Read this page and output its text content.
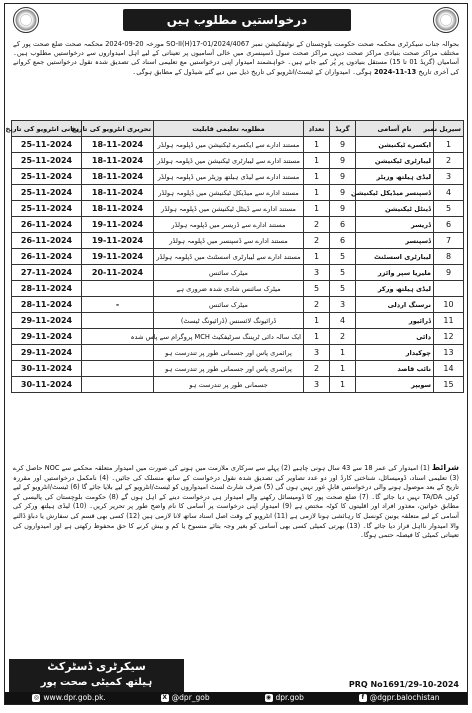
درخواستیں مطلوب ہیں
بحوالہ جناب سیکرٹری محکمہ صحت حکومت بلوچستان کے نوٹیفکیشن نمبر SO-II(H)17-01/2024/4067 مورخہ 20-09-2024 محکمہ صحت ضلع صحت پور کے مختلف مراکز صحت بنیادی مراکز صحت دیہی مراکز صحت سول ڈسپنسری میں خالی آسامیوں پر تعیناتی کے لیے اہل امیدواروں سے درخواستیں مطلوب ہیں۔ آسامیاں (گریڈ 01 تا 15) مستقل بنیادوں پر پُر کیے جانے ہیں۔ خواہشمند امیدوار اپنی درخواستیں مع تعلیمی اسناد کی تصدیق شدہ نقول درخواستیں جمع کروانے کی آخری تاریخ 13-11-2024 ہوگی۔ امیدواران کے ٹیسٹ/انٹرویو کی تاریخ ذیل میں دیے گئے شیڈول کے مطابق ہوگی۔
سیریل نمبر	نام آسامی	گریڈ	تعداد	مطلوبہ تعلیمی قابلیت	تحریری انٹرویو کی تاریخ	زبانی انٹرویو کی تاریخ
1	ایکسرے ٹیکنیشن	9	1	مستند ادارے سے ایکسرے ٹیکنیشن میں ڈپلومہ ہولڈر	18-11-2024	25-11-2024
2	لیبارٹری ٹیکنیشن	9	1	مستند ادارے سے لیبارٹری ٹیکنیشن میں ڈپلومہ ہولڈر	18-11-2024	25-11-2024
3	لیڈی ہیلتھ وزیٹر	9	1	مستند ادارے سے لیڈی ہیلتھ وزیٹر میں ڈپلومہ ہولڈر	18-11-2024	25-11-2024
4	ڈسپنسر میڈیکل ٹیکنیشن	9	1	مستند ادارے سے میڈیکل ٹیکنیشن میں ڈپلومہ ہولڈر	18-11-2024	25-11-2024
5	ڈینٹل ٹیکنیشن	9	1	مستند ادارے سے ڈینٹل ٹیکنیشن میں ڈپلومہ ہولڈر	18-11-2024	25-11-2024
6	ڈریسر	6	2	مستند ادارے سے ڈریسر میں ڈپلومہ ہولڈر	19-11-2024	26-11-2024
7	ڈسپنسر	6	2	مستند ادارے سے ڈسپنسر میں ڈپلومہ ہولڈر	19-11-2024	26-11-2024
8	لیبارٹری اسسٹنٹ	5	1	مستند ادارے سے لیبارٹری اسسٹنٹ میں ڈپلومہ ہولڈر	19-11-2024	26-11-2024
9	ملیریا سپر وائزر	5	3	میٹرک سائنس	20-11-2024	27-11-2024
	لیڈی ہیلتھ ورکر	5	5	میٹرک سائنس شادی شدہ ضروری ہے		28-11-2024
10	نرسنگ اردلی	3	2	میٹرک سائنس	-	28-11-2024
11	ڈرائیور	4	1	ڈرائیونگ لائسنس (ڈرائیونگ ٹیسٹ)		29-11-2024
12	دائی	2	1	ایک سالہ دائی ٹریننگ سرٹیفکیٹ MCH پروگرام سے پاس شدہ		29-11-2024
13	چوکیدار	1	3	پرائمری پاس اور جسمانی طور پر تندرست ہو		29-11-2024
14	نائب قاصد	1	2	پرائمری پاس اور جسمانی طور پر تندرست ہو		30-11-2024
15	سویپر	1	3	جسمانی طور پر تندرست ہو		30-11-2024
شرائط (1) امیدوار کی عمر 18 سے 43 سال ہونی چاہیے (2) پہلے سے سرکاری ملازمت میں ہونے کی صورت میں امیدوار متعلقہ محکمے سے NOC حاصل کرے (3) تعلیمی اسناد، ڈومیسائل، شناختی کارڈ اور دو عدد تصاویر کی تصدیق شدہ نقول درخواست کے ساتھ منسلک کی جائیں۔ (4) نامکمل درخواستیں اور مقررہ تاریخ کے بعد موصول ہونے والی درخواستیں قابلِ غور نہیں ہوں گی (5) صرف شارٹ لسٹ امیدواروں کو ٹیسٹ/انٹرویو کے لیے بلایا جائے گا (6) ٹیسٹ/انٹرویو کے لیے کوئی TA/DA نہیں دیا جائے گا۔ (7) ضلع صحت پور کا ڈومیسائل رکھنے والے امیدوار ہی درخواست دینے کے اہل ہوں گے (8) حکومت بلوچستان کی پالیسی کے مطابق خواتین، معذور افراد اور اقلیتوں کا کوٹہ مختص ہے (9) امیدوار اپنی درخواست پر آسامی کا نام واضح طور پر تحریر کریں۔ (10) لیڈی ہیلتھ ورکر کی آسامی کے لیے متعلقہ یونین کونسل کا رہائشی ہونا لازمی ہے (11) انٹرویو کے وقت اصل اسناد ساتھ لانا لازمی ہیں (12) کسی بھی قسم کی سفارش یا دباؤ ڈالنے والا امیدوار نااہل قرار دیا جائے گا۔ (13) بھرتی کمیٹی کسی بھی آسامی کو بغیر وجہ بتائے منسوخ یا کم و بیش کرنے کا حق محفوظ رکھتی ہے اور امیدواروں کی تعیناتی کمیٹی کا فیصلہ حتمی ہوگا۔
سیکرٹری ڈسٹرکٹ
ہیلتھ کمیٹی صحت پور	PRQ No1691/29-10-2024
◎ www.dpr.gob.pk.	X @dpr_gob	◉ dpr.gob	f @dgpr.balochistan
